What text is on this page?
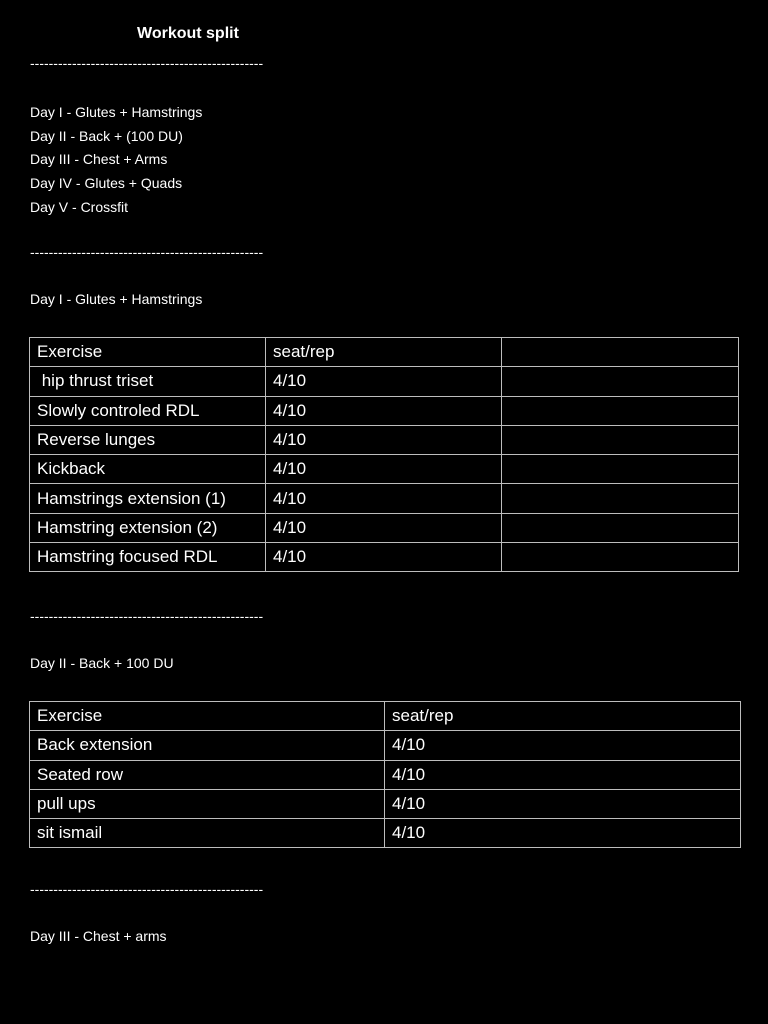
Workout split
--------------------------------------------------
Day I - Glutes + Hamstrings
Day II - Back + (100 DU)
Day III - Chest + Arms
Day IV - Glutes + Quads
Day V - Crossfit
--------------------------------------------------
Day I - Glutes + Hamstrings
Exercise	seat/rep	
hip thrust triset	4/10	
Slowly controled RDL	4/10	
Reverse lunges	4/10	
Kickback	4/10	
Hamstrings extension (1)	4/10	
Hamstring extension (2)	4/10	
Hamstring focused RDL	4/10	
--------------------------------------------------
Day II - Back + 100 DU
Exercise	seat/rep
Back extension	4/10
Seated row	4/10
pull ups	4/10
sit ismail	4/10
--------------------------------------------------
Day III - Chest + arms
